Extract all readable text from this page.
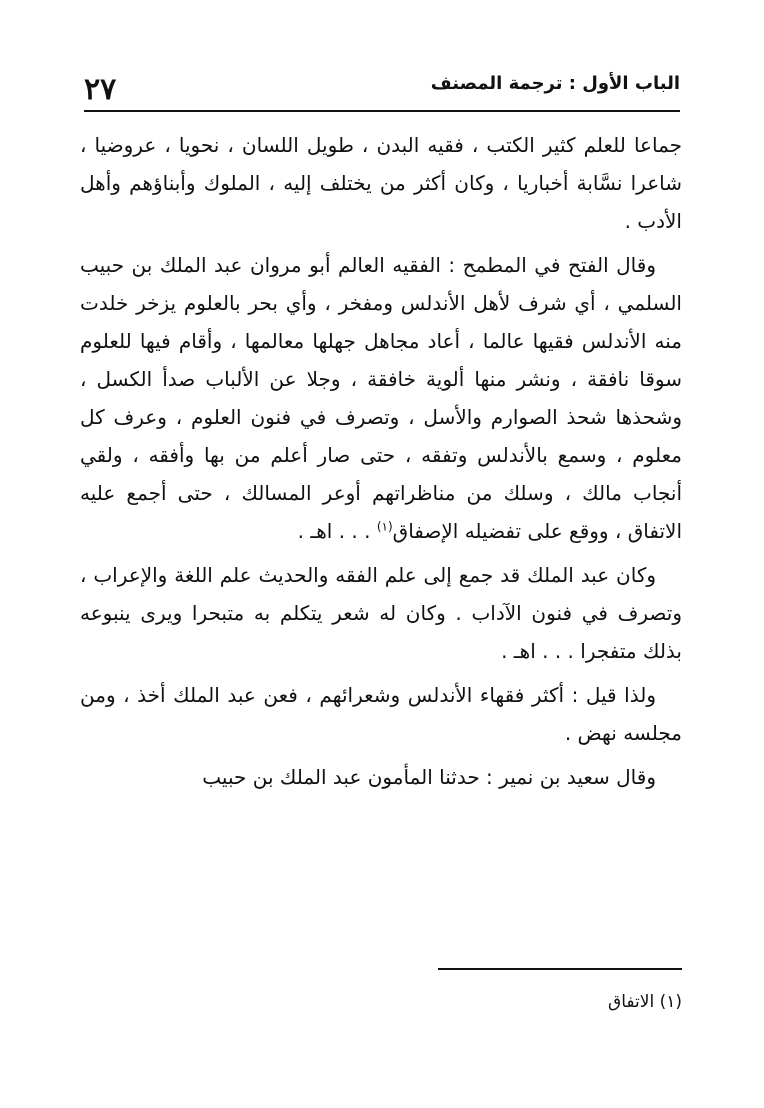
٢٧	الباب الأول : ترجمة المصنف

جماعا للعلم كثير الكتب ، فقيه البدن ، طويل اللسان ، نحويا ، عروضيا ، شاعرا نسَّابة أخباريا ، وكان أكثر من يختلف إليه ، الملوك وأبناؤهم وأهل الأدب .

وقال الفتح في المطمح : الفقيه العالم أبو مروان عبد الملك بن حبيب السلمي ، أي شرف لأهل الأندلس ومفخر ، وأي بحر بالعلوم يزخر خلدت منه الأندلس فقيها عالما ، أعاد مجاهل جهلها معالمها ، وأقام فيها للعلوم سوقا نافقة ، ونشر منها ألوية خافقة ، وجلا عن الألباب صدأ الكسل ، وشحذها شحذ الصوارم والأسل ، وتصرف في فنون العلوم ، وعرف كل معلوم ، وسمع بالأندلس وتفقه ، حتى صار أعلم من بها وأفقه ، ولقي أنجاب مالك ، وسلك من مناظراتهم أوعر المسالك ، حتى أجمع عليه الاتفاق ، ووقع على تفضيله الإصفاق$^{(١)}$ . . . اهـ .

وكان عبد الملك قد جمع إلى علم الفقه والحديث علم اللغة والإعراب ، وتصرف في فنون الآداب . وكان له شعر يتكلم به متبحرا ويرى ينبوعه بذلك متفجرا . . . اهـ .

ولذا قيل : أكثر فقهاء الأندلس وشعرائهم ، فعن عبد الملك أخذ ، ومن مجلسه نهض .

وقال سعيد بن نمير : حدثنا المأمون عبد الملك بن حبيب

(١) الاتفاق
